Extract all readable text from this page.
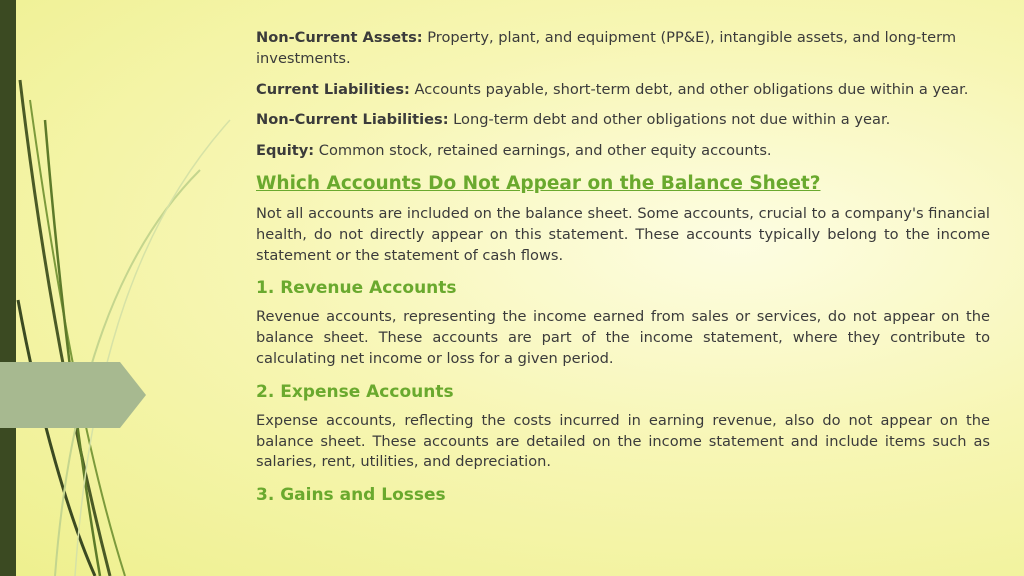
Non-Current Assets: Property, plant, and equipment (PP&E), intangible assets, and long-term investments.

Current Liabilities: Accounts payable, short-term debt, and other obligations due within a year.

Non-Current Liabilities: Long-term debt and other obligations not due within a year.

Equity: Common stock, retained earnings, and other equity accounts.

Which Accounts Do Not Appear on the Balance Sheet?

Not all accounts are included on the balance sheet. Some accounts, crucial to a company's financial health, do not directly appear on this statement. These accounts typically belong to the income statement or the statement of cash flows.

1. Revenue Accounts

Revenue accounts, representing the income earned from sales or services, do not appear on the balance sheet. These accounts are part of the income statement, where they contribute to calculating net income or loss for a given period.

2. Expense Accounts

Expense accounts, reflecting the costs incurred in earning revenue, also do not appear on the balance sheet. These accounts are detailed on the income statement and include items such as salaries, rent, utilities, and depreciation.

3. Gains and Losses
